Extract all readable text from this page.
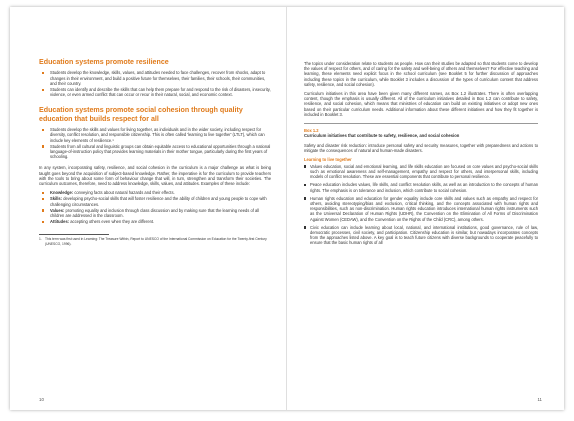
Education systems promote resilience
Students develop the knowledge, skills, values, and attitudes needed to face challenges, recover from shocks, adapt to changes in their environment, and build a positive future for themselves, their families, their schools, their communities, and their country.
Students can identify and describe the skills that can help them prepare for and respond to the risk of disasters, insecurity, violence, or even armed conflict that can occur or recur in their natural, social, and economic context.
Education systems promote social cohesion through quality education that builds respect for all
Students develop the skills and values for living together, as individuals and in the wider society, including respect for diversity, conflict resolution, and responsible citizenship. This is often called 'learning to live together' (LTLT), which can include key elements of resilience.¹
Students from all cultural and linguistic groups can obtain equitable access to educational opportunities through a national language-of-instruction policy that provides learning materials in their mother tongue, particularly during the first years of schooling.

In any system, incorporating safety, resilience, and social cohesion in the curriculum is a major challenge as what is being taught goes beyond the acquisition of subject-based knowledge. Rather, the imperative is for the curriculum to provide teachers with the tools to bring about some form of behaviour change that will, in turn, strengthen and transform their societies. The curriculum outcomes, therefore, need to address knowledge, skills, values, and attitudes. Examples of these include:

Knowledge: conveying facts about natural hazards and their effects.
Skills: developing psycho-social skills that will foster resilience and the ability of children and young people to cope with challenging circumstances.
Values: promoting equality and inclusion through class discussion and by making sure that the learning needs of all children are addressed in the classroom.
Attitudes: accepting others even when they are different.
1. This term was first used in Learning: The Treasure Within, Report to UNESCO of the International Commission on Education for the Twenty-first Century (UNESCO, 1996).
10

The topics under consideration relate to students as people. How can their studies be adapted so that students come to develop the values of respect for others, and of caring for the safety and well-being of others and themselves? For effective teaching and learning, these elements need explicit focus in the school curriculum (see Booklet 5 for further discussion of approaches including these topics in the curriculum, while Booklet 3 includes a discussion of the types of curriculum content that address safety, resilience, and social cohesion).

Curriculum initiatives in this area have been given many different names, as Box 1.2 illustrates. There is often overlapping content, though the emphasis is usually different. All of the curriculum initiatives detailed in Box 1.2 can contribute to safety, resilience, and social cohesion, which means that ministries of education can build on existing initiatives or adopt new ones based on their particular curriculum needs. Additional information about these different initiatives and how they fit together is included in Booklet 3.

Box 1.2
Curriculum initiatives that contribute to safety, resilience, and social cohesion

Safety and disaster risk reduction: introduce personal safety and security measures, together with preparedness and actions to mitigate the consequences of natural and human-made disasters.

Learning to live together
Values education, social and emotional learning, and life skills education are focused on core values and psycho-social skills such as emotional awareness and self-management, empathy and respect for others, and interpersonal skills, including models of conflict resolution. These are essential components that contribute to personal resilience.
Peace education includes values, life skills, and conflict resolution skills, as well as an introduction to the concepts of human rights. The emphasis is on tolerance and inclusion, which contribute to social cohesion.
Human rights education and education for gender equality include core skills and values such as empathy and respect for others, avoiding stereotyping/bias and exclusion, critical thinking, and the concepts associated with human rights and responsibilities, such as non-discrimination. Human rights education introduces international human rights instruments such as the Universal Declaration of Human Rights (UDHR), the Convention on the Elimination of All Forms of Discrimination Against Women (CEDAW), and the Convention on the Rights of the Child (CRC), among others.
Civic education can include learning about local, national, and international institutions, good governance, rule of law, democratic processes, civil society, and participation. Citizenship education is similar, but nowadays incorporates concepts from the approaches listed above. A key goal is to teach future citizens with diverse backgrounds to cooperate peacefully to ensure that the basic human rights of all
11
